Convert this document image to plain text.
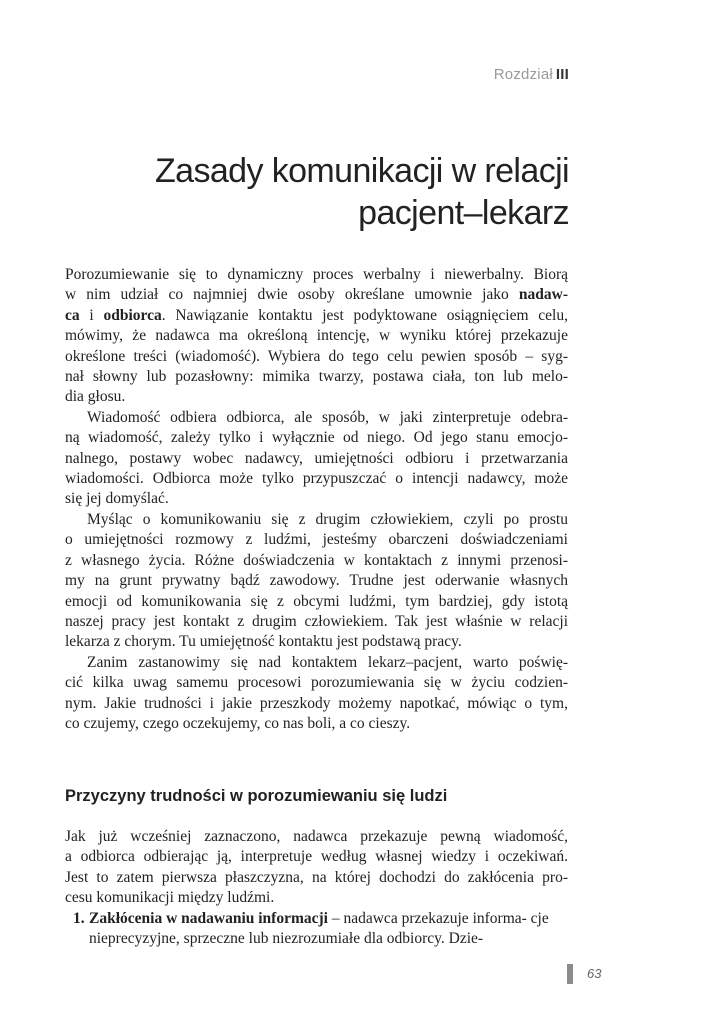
Rozdział III
Zasady komunikacji w relacji
pacjent–lekarz

Porozumiewanie się to dynamiczny proces werbalny i niewerbalny. Biorą
w nim udział co najmniej dwie osoby określane umownie jako nadaw-
ca i odbiorca. Nawiązanie kontaktu jest podyktowane osiągnięciem celu,
mówimy, że nadawca ma określoną intencję, w wyniku której przekazuje
określone treści (wiadomość). Wybiera do tego celu pewien sposób – syg-
nał słowny lub pozasłowny: mimika twarzy, postawa ciała, ton lub melo-
dia głosu.

Wiadomość odbiera odbiorca, ale sposób, w jaki zinterpretuje odebra-
ną wiadomość, zależy tylko i wyłącznie od niego. Od jego stanu emocjo-
nalnego, postawy wobec nadawcy, umiejętności odbioru i przetwarzania
wiadomości. Odbiorca może tylko przypuszczać o intencji nadawcy, może
się jej domyślać.

Myśląc o komunikowaniu się z drugim człowiekiem, czyli po prostu
o umiejętności rozmowy z ludźmi, jesteśmy obarczeni doświadczeniami
z własnego życia. Różne doświadczenia w kontaktach z innymi przenosi-
my na grunt prywatny bądź zawodowy. Trudne jest oderwanie własnych
emocji od komunikowania się z obcymi ludźmi, tym bardziej, gdy istotą
naszej pracy jest kontakt z drugim człowiekiem. Tak jest właśnie w relacji
lekarza z chorym. Tu umiejętność kontaktu jest podstawą pracy.

Zanim zastanowimy się nad kontaktem lekarz–pacjent, warto poświę-
cić kilka uwag samemu procesowi porozumiewania się w życiu codzien-
nym. Jakie trudności i jakie przeszkody możemy napotkać, mówiąc o tym,
co czujemy, czego oczekujemy, co nas boli, a co cieszy.

Przyczyny trudności w porozumiewaniu się ludzi

Jak już wcześniej zaznaczono, nadawca przekazuje pewną wiadomość,
a odbiorca odbierając ją, interpretuje według własnej wiedzy i oczekiwań.
Jest to zatem pierwsza płaszczyzna, na której dochodzi do zakłócenia pro-
cesu komunikacji między ludźmi.

1. Zakłócenia w nadawaniu informacji – nadawca przekazuje informa- cje nieprecyzyjne, sprzeczne lub niezrozumiałe dla odbiorcy. Dzie-
63
